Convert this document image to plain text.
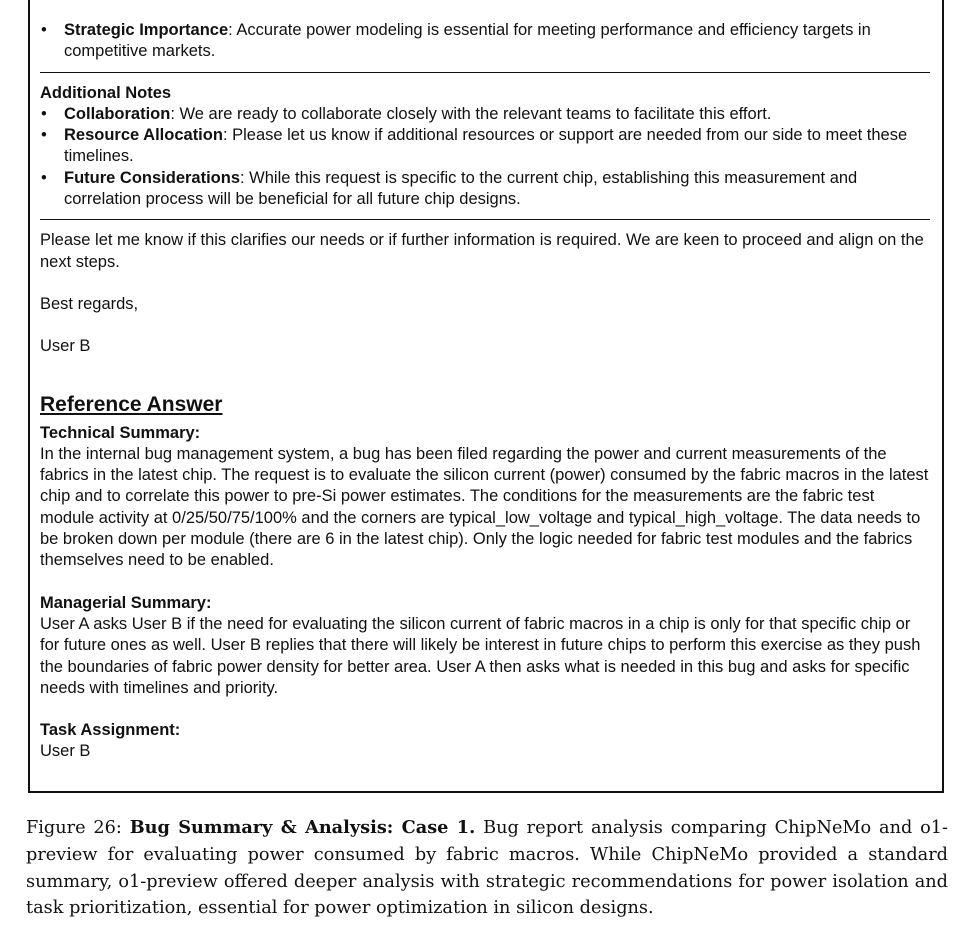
• Strategic Importance: Accurate power modeling is essential for meeting performance and efficiency targets in competitive markets.
Additional Notes
• Collaboration: We are ready to collaborate closely with the relevant teams to facilitate this effort.
• Resource Allocation: Please let us know if additional resources or support are needed from our side to meet these timelines.
• Future Considerations: While this request is specific to the current chip, establishing this measurement and correlation process will be beneficial for all future chip designs.

Please let me know if this clarifies our needs or if further information is required. We are keen to proceed and align on the next steps.

Best regards,

User B

Reference Answer
Technical Summary:

In the internal bug management system, a bug has been filed regarding the power and current measurements of the fabrics in the latest chip. The request is to evaluate the silicon current (power) consumed by the fabric macros in the latest chip and to correlate this power to pre-Si power estimates. The conditions for the measurements are the fabric test module activity at 0/25/50/75/100% and the corners are typical_low_voltage and typical_high_voltage. The data needs to be broken down per module (there are 6 in the latest chip). Only the logic needed for fabric test modules and the fabrics themselves need to be enabled.

Managerial Summary:

User A asks User B if the need for evaluating the silicon current of fabric macros in a chip is only for that specific chip or for future ones as well. User B replies that there will likely be interest in future chips to perform this exercise as they push the boundaries of fabric power density for better area. User A then asks what is needed in this bug and asks for specific needs with timelines and priority.

Task Assignment:

User B

Figure 26: Bug Summary & Analysis: Case 1. Bug report analysis comparing ChipNeMo and o1-preview for evaluating power consumed by fabric macros. While ChipNeMo provided a standard summary, o1-preview offered deeper analysis with strategic recommendations for power isolation and task prioritization, essential for power optimization in silicon designs.
